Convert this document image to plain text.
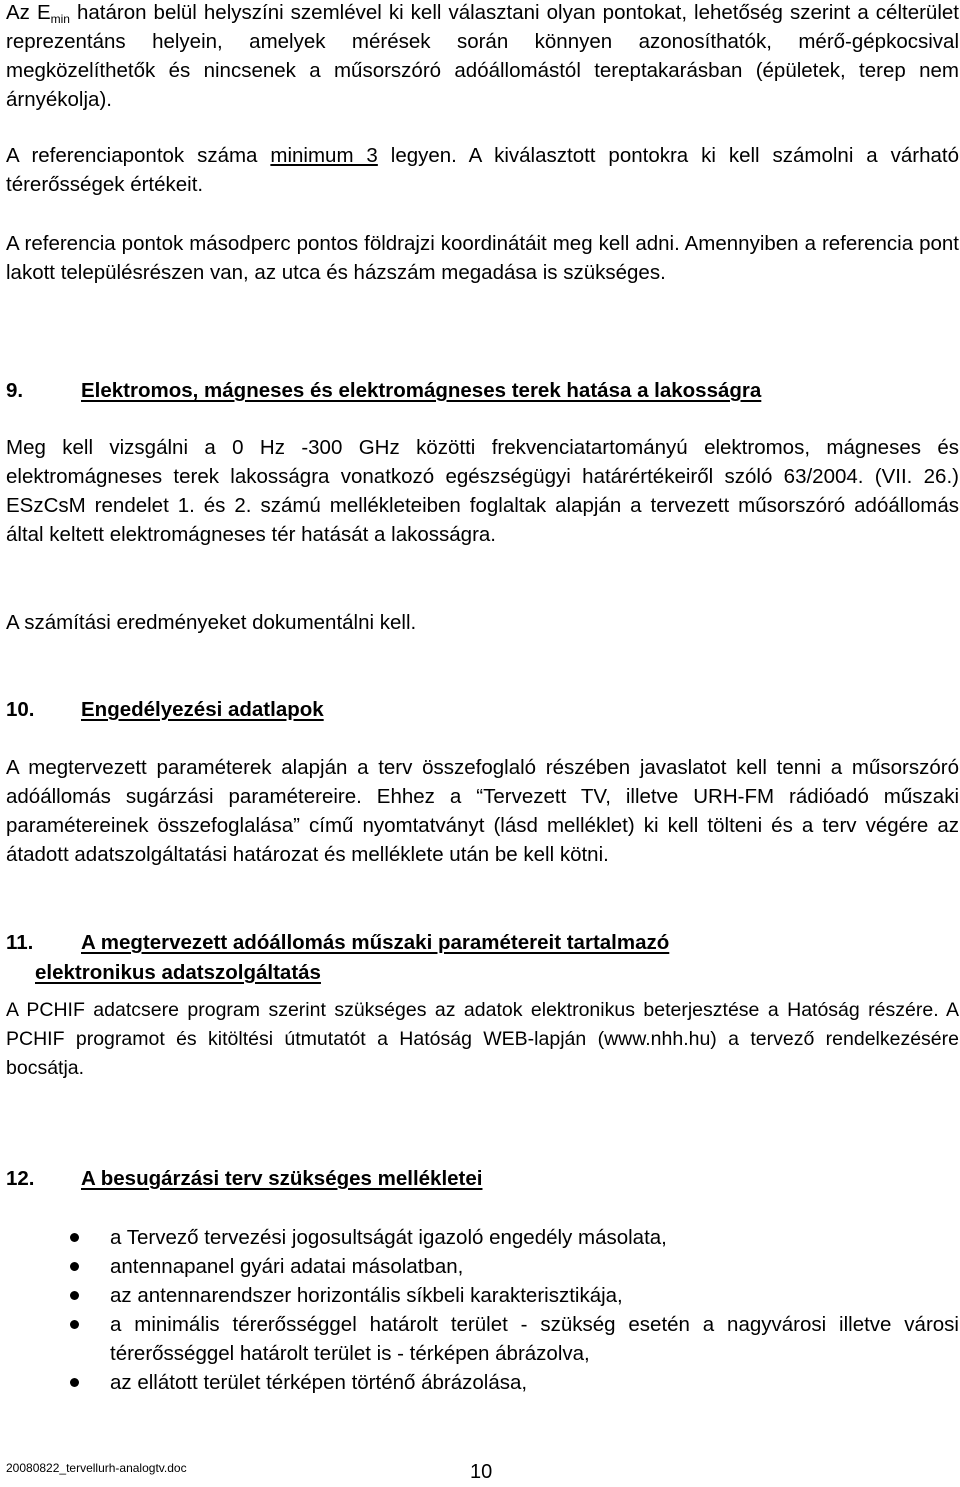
Az $E_{min}$ határon belül helyszíni szemlével ki kell választani olyan pontokat, lehetőség szerint a célterület reprezentáns helyein, amelyek mérések során könnyen azonosíthatók, mérő-gépkocsival megközelíthetők és nincsenek a műsorszóró adóállomástól tereptakarásban (épületek, terep nem árnyékolja).

A referenciapontok száma minimum 3 legyen. A kiválasztott pontokra ki kell számolni a várható térerősségek értékeit.

A referencia pontok másodperc pontos földrajzi koordinátáit meg kell adni. Amennyiben a referencia pont lakott településrészen van, az utca és házszám megadása is szükséges.

9.	Elektromos, mágneses és elektromágneses terek hatása a lakosságra

Meg kell vizsgálni a 0 Hz -300 GHz közötti frekvenciatartományú elektromos, mágneses és elektromágneses terek lakosságra vonatkozó egészségügyi határértékeiről szóló 63/2004. (VII. 26.) ESzCsM rendelet 1. és 2. számú mellékleteiben foglaltak alapján a tervezett műsorszóró adóállomás által keltett elektromágneses tér hatását a lakosságra.

A számítási eredményeket dokumentálni kell.

10. Engedélyezési adatlapok

A megtervezett paraméterek alapján a terv összefoglaló részében javaslatot kell tenni a műsorszóró adóállomás sugárzási paramétereire. Ehhez a “Tervezett TV, illetve URH-FM rádióadó műszaki paramétereinek összefoglalása” című nyomtatványt (lásd melléklet) ki kell tölteni és a terv végére az átadott adatszolgáltatási határozat és melléklete után be kell kötni.

11. A megtervezett adóállomás műszaki paramétereit tartalmazó
elektronikus adatszolgáltatás

A PCHIF adatcsere program szerint szükséges az adatok elektronikus beterjesztése a Hatóság részére. A PCHIF programot és kitöltési útmutatót a Hatóság WEB-lapján (www.nhh.hu) a tervező rendelkezésére bocsátja.

12. A besugárzási terv szükséges mellékletei
a Tervező tervezési jogosultságát igazoló engedély másolata,
antennapanel gyári adatai másolatban,
az antennarendszer horizontális síkbeli karakterisztikája,
a minimális térerősséggel határolt terület - szükség esetén a nagyvárosi illetve városi térerősséggel határolt terület is - térképen ábrázolva,
az ellátott terület térképen történő ábrázolása,
20080822_tervellurh-analogtv.doc	10
